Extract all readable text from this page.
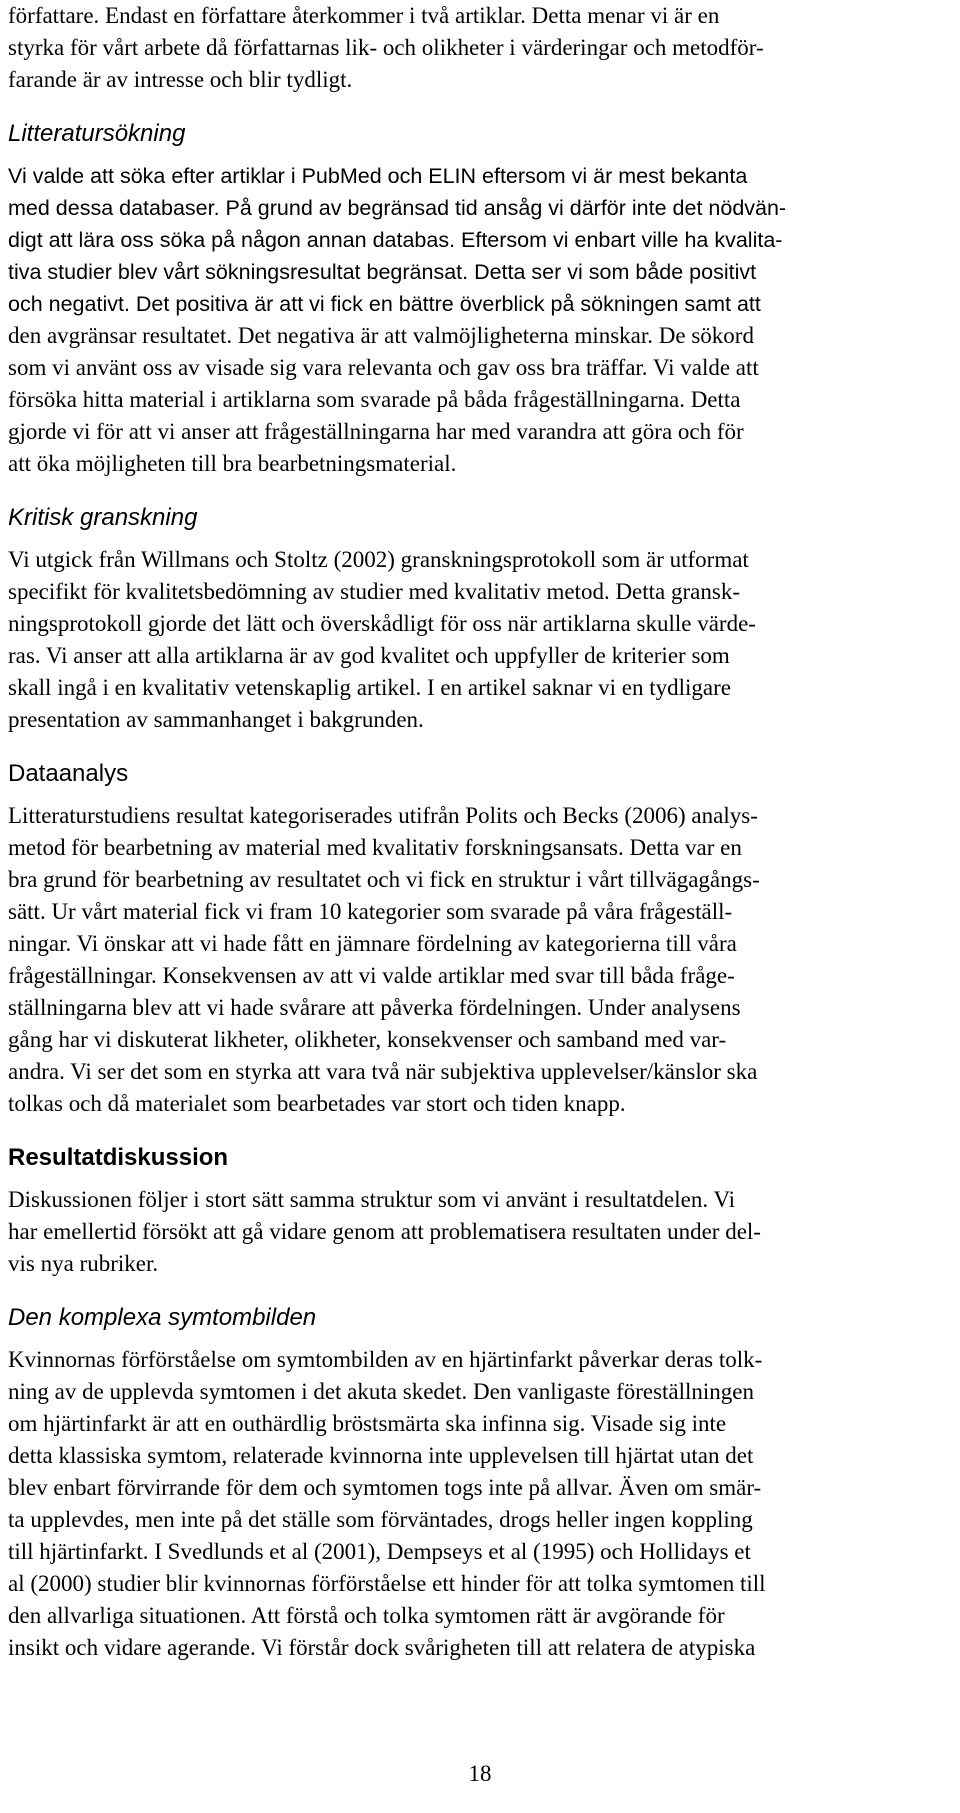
författare. Endast en författare återkommer i två artiklar. Detta menar vi är en
styrka för vårt arbete då författarnas lik- och olikheter i värderingar och metodför-
farande är av intresse och blir tydligt.
Litteratursökning
Vi valde att söka efter artiklar i PubMed och ELIN eftersom vi är mest bekanta
med dessa databaser. På grund av begränsad tid ansåg vi därför inte det nödvän-
digt att lära oss söka på någon annan databas. Eftersom vi enbart ville ha kvalita-
tiva studier blev vårt sökningsresultat begränsat. Detta ser vi som både positivt
och negativt. Det positiva är att vi fick en bättre överblick på sökningen samt att
den avgränsar resultatet. Det negativa är att valmöjligheterna minskar. De sökord
som vi använt oss av visade sig vara relevanta och gav oss bra träffar. Vi valde att
försöka hitta material i artiklarna som svarade på båda frågeställningarna. Detta
gjorde vi för att vi anser att frågeställningarna har med varandra att göra och för
att öka möjligheten till bra bearbetningsmaterial.
Kritisk granskning
Vi utgick från Willmans och Stoltz (2002) granskningsprotokoll som är utformat
specifikt för kvalitetsbedömning av studier med kvalitativ metod. Detta gransk-
ningsprotokoll gjorde det lätt och överskådligt för oss när artiklarna skulle värde-
ras. Vi anser att alla artiklarna är av god kvalitet och uppfyller de kriterier som
skall ingå i en kvalitativ vetenskaplig artikel. I en artikel saknar vi en tydligare
presentation av sammanhanget i bakgrunden.
Dataanalys
Litteraturstudiens resultat kategoriserades utifrån Polits och Becks (2006) analys-
metod för bearbetning av material med kvalitativ forskningsansats. Detta var en
bra grund för bearbetning av resultatet och vi fick en struktur i vårt tillvägagångs-
sätt. Ur vårt material fick vi fram 10 kategorier som svarade på våra frågeställ-
ningar. Vi önskar att vi hade fått en jämnare fördelning av kategorierna till våra
frågeställningar. Konsekvensen av att vi valde artiklar med svar till båda fråge-
ställningarna blev att vi hade svårare att påverka fördelningen. Under analysens
gång har vi diskuterat likheter, olikheter, konsekvenser och samband med var-
andra. Vi ser det som en styrka att vara två när subjektiva upplevelser/känslor ska
tolkas och då materialet som bearbetades var stort och tiden knapp.
Resultatdiskussion
Diskussionen följer i stort sätt samma struktur som vi använt i resultatdelen. Vi
har emellertid försökt att gå vidare genom att problematisera resultaten under del-
vis nya rubriker.
Den komplexa symtombilden
Kvinnornas förförståelse om symtombilden av en hjärtinfarkt påverkar deras tolk-
ning av de upplevda symtomen i det akuta skedet. Den vanligaste föreställningen
om hjärtinfarkt är att en outhärdlig bröstsmärta ska infinna sig. Visade sig inte
detta klassiska symtom, relaterade kvinnorna inte upplevelsen till hjärtat utan det
blev enbart förvirrande för dem och symtomen togs inte på allvar. Även om smär-
ta upplevdes, men inte på det ställe som förväntades, drogs heller ingen koppling
till hjärtinfarkt. I Svedlunds et al (2001), Dempseys et al (1995) och Hollidays et
al (2000) studier blir kvinnornas förförståelse ett hinder för att tolka symtomen till
den allvarliga situationen. Att förstå och tolka symtomen rätt är avgörande för
insikt och vidare agerande. Vi förstår dock svårigheten till att relatera de atypiska
18
